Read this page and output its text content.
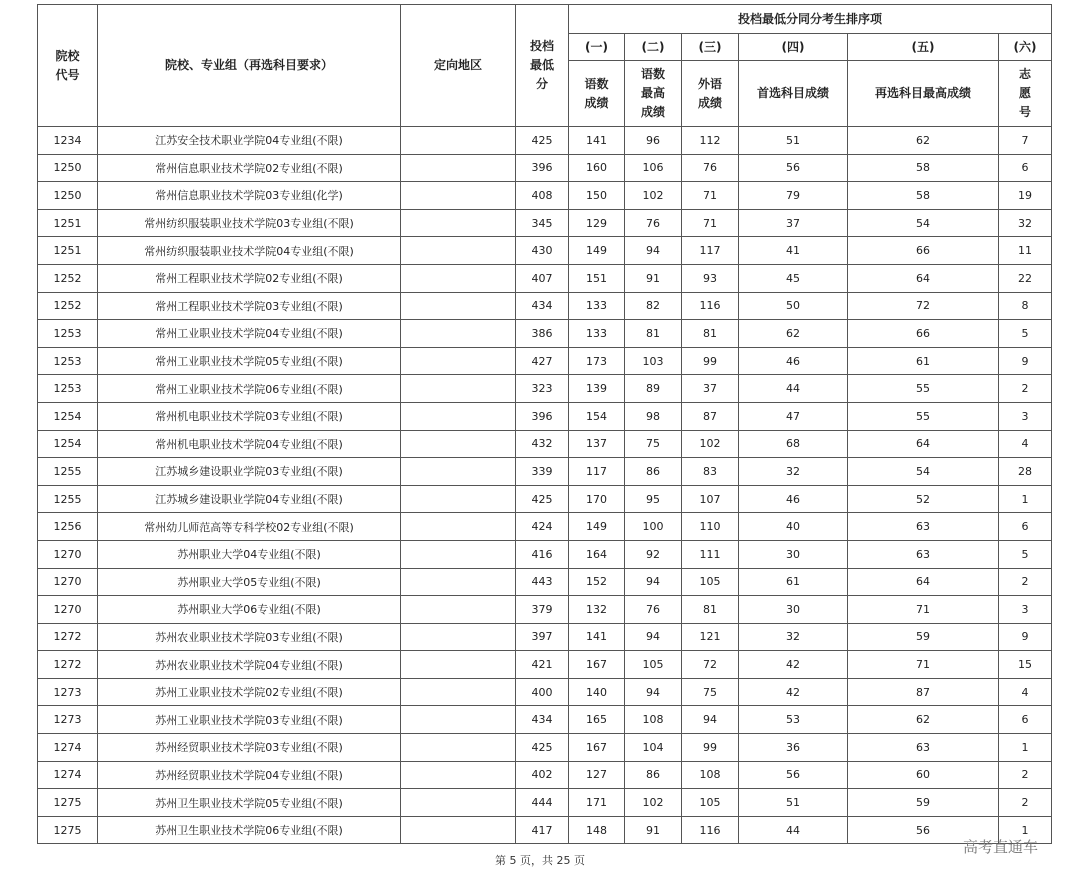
院校代号	院校、专业组（再选科目要求）	定向地区	投档最低分	投档最低分同分考生排序项					
				(一)	(二)	(三)	(四)	(五)	(六)
				语数成绩	语数最高成绩	外语成绩	首选科目成绩	再选科目最高成绩	志愿号
1234	江苏安全技术职业学院04专业组(不限)		425	141	96	112	51	62	7
1250	常州信息职业技术学院02专业组(不限)		396	160	106	76	56	58	6
1250	常州信息职业技术学院03专业组(化学)		408	150	102	71	79	58	19
1251	常州纺织服装职业技术学院03专业组(不限)		345	129	76	71	37	54	32
1251	常州纺织服装职业技术学院04专业组(不限)		430	149	94	117	41	66	11
1252	常州工程职业技术学院02专业组(不限)		407	151	91	93	45	64	22
1252	常州工程职业技术学院03专业组(不限)		434	133	82	116	50	72	8
1253	常州工业职业技术学院04专业组(不限)		386	133	81	81	62	66	5
1253	常州工业职业技术学院05专业组(不限)		427	173	103	99	46	61	9
1253	常州工业职业技术学院06专业组(不限)		323	139	89	37	44	55	2
1254	常州机电职业技术学院03专业组(不限)		396	154	98	87	47	55	3
1254	常州机电职业技术学院04专业组(不限)		432	137	75	102	68	64	4
1255	江苏城乡建设职业学院03专业组(不限)		339	117	86	83	32	54	28
1255	江苏城乡建设职业学院04专业组(不限)		425	170	95	107	46	52	1
1256	常州幼儿师范高等专科学校02专业组(不限)		424	149	100	110	40	63	6
1270	苏州职业大学04专业组(不限)		416	164	92	111	30	63	5
1270	苏州职业大学05专业组(不限)		443	152	94	105	61	64	2
1270	苏州职业大学06专业组(不限)		379	132	76	81	30	71	3
1272	苏州农业职业技术学院03专业组(不限)		397	141	94	121	32	59	9
1272	苏州农业职业技术学院04专业组(不限)		421	167	105	72	42	71	15
1273	苏州工业职业技术学院02专业组(不限)		400	140	94	75	42	87	4
1273	苏州工业职业技术学院03专业组(不限)		434	165	108	94	53	62	6
1274	苏州经贸职业技术学院03专业组(不限)		425	167	104	99	36	63	1
1274	苏州经贸职业技术学院04专业组(不限)		402	127	86	108	56	60	2
1275	苏州卫生职业技术学院05专业组(不限)		444	171	102	105	51	59	2
1275	苏州卫生职业技术学院06专业组(不限)		417	148	91	116	44	56	1
第 5 页，共 25 页
高考直通车
